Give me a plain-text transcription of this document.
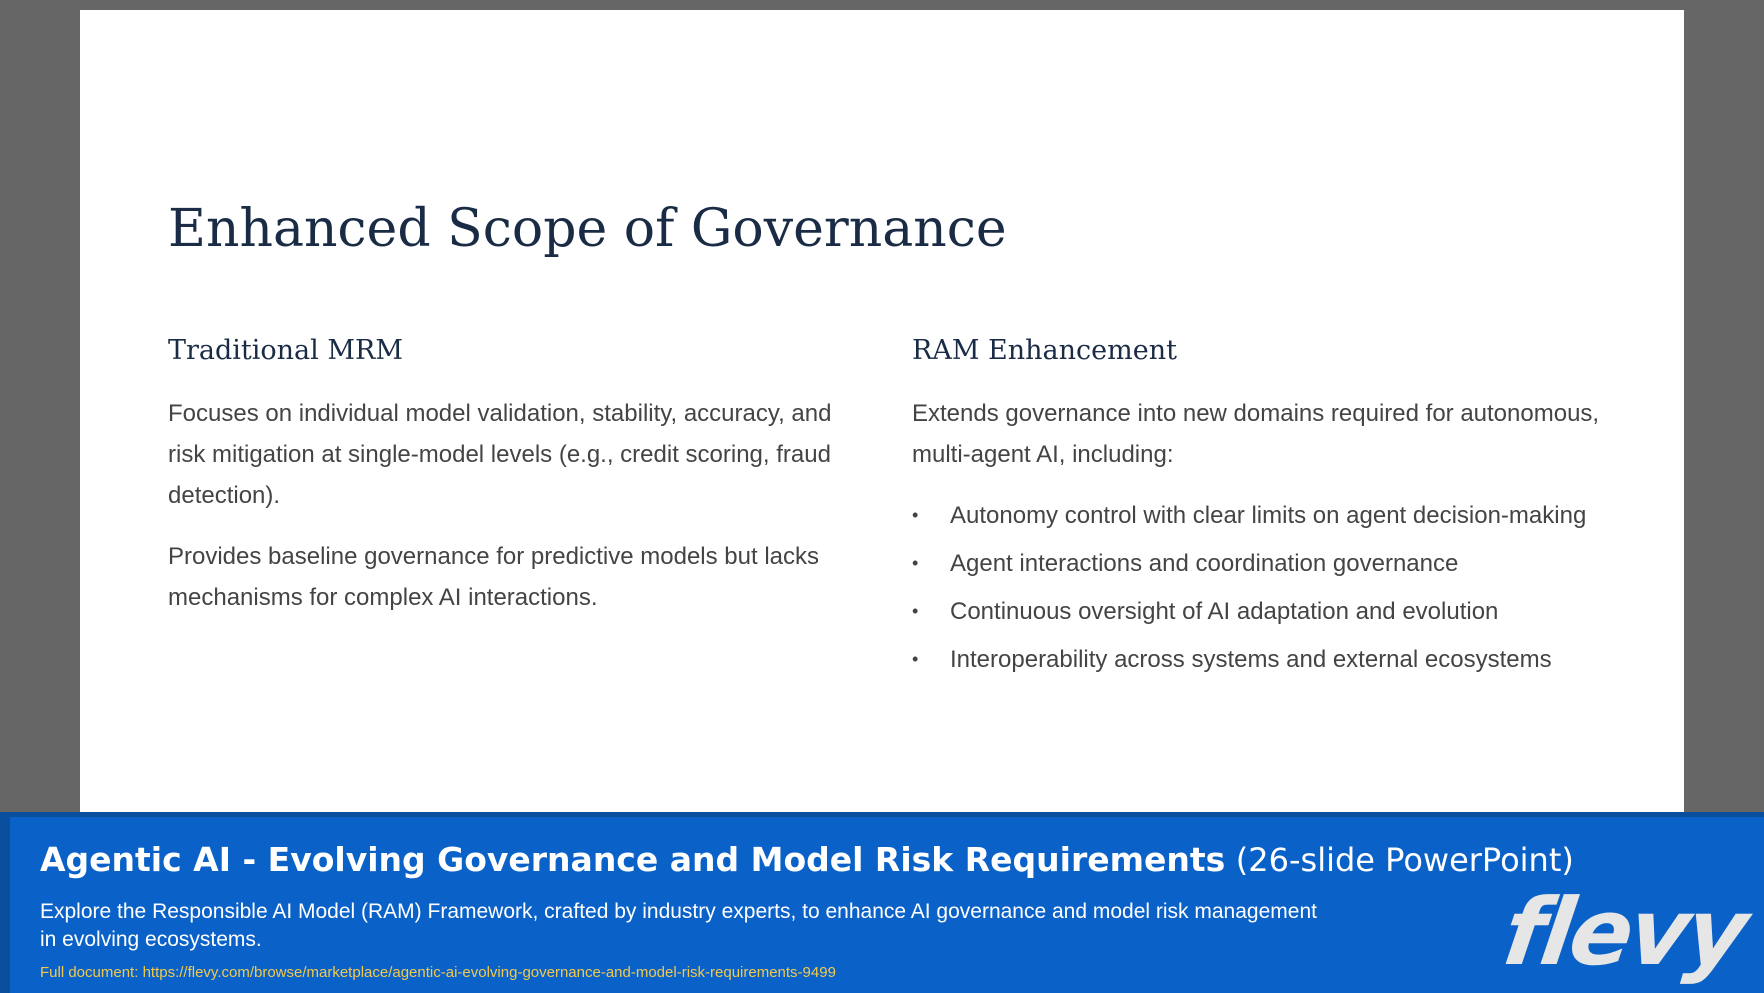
Enhanced Scope of Governance
Traditional MRM

Focuses on individual model validation, stability, accuracy, and risk mitigation at single-model levels (e.g., credit scoring, fraud detection).

Provides baseline governance for predictive models but lacks mechanisms for complex AI interactions.

RAM Enhancement

Extends governance into new domains required for autonomous, multi-agent AI, including:

• Autonomy control with clear limits on agent decision-making
• Agent interactions and coordination governance
• Continuous oversight of AI adaptation and evolution
• Interoperability across systems and external ecosystems

Agentic AI - Evolving Governance and Model Risk Requirements (26-slide PowerPoint)

Explore the Responsible AI Model (RAM) Framework, crafted by industry experts, to enhance AI governance and model risk management in evolving ecosystems.

Full document: https://flevy.com/browse/marketplace/agentic-ai-evolving-governance-and-model-risk-requirements-9499	flevy
